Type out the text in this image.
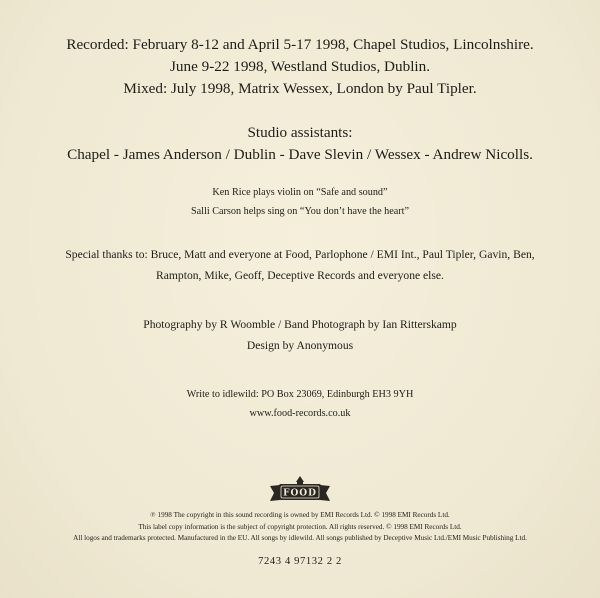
Recorded: February 8-12 and April 5-17 1998, Chapel Studios, Lincolnshire.
June 9-22 1998, Westland Studios, Dublin.
Mixed: July 1998, Matrix Wessex, London by Paul Tipler.
Studio assistants:
Chapel - James Anderson / Dublin - Dave Slevin / Wessex - Andrew Nicolls.
Ken Rice plays violin on “Safe and sound”
Salli Carson helps sing on “You don’t have the heart”
Special thanks to: Bruce, Matt and everyone at Food, Parlophone / EMI Int., Paul Tipler, Gavin, Ben,
Rampton, Mike, Geoff, Deceptive Records and everyone else.
Photography by R Woomble / Band Photograph by Ian Ritterskamp
Design by Anonymous
Write to idlewild: PO Box 23069, Edinburgh EH3 9YH
www.food-records.co.uk
FOOD
℗ 1998 The copyright in this sound recording is owned by EMI Records Ltd. © 1998 EMI Records Ltd.
This label copy information is the subject of copyright protection. All rights reserved. © 1998 EMI Records Ltd.
All logos and trademarks protected. Manufactured in the EU. All songs by idlewild. All songs published by Deceptive Music Ltd./EMI Music Publishing Ltd.
7243 4 97132 2 2
